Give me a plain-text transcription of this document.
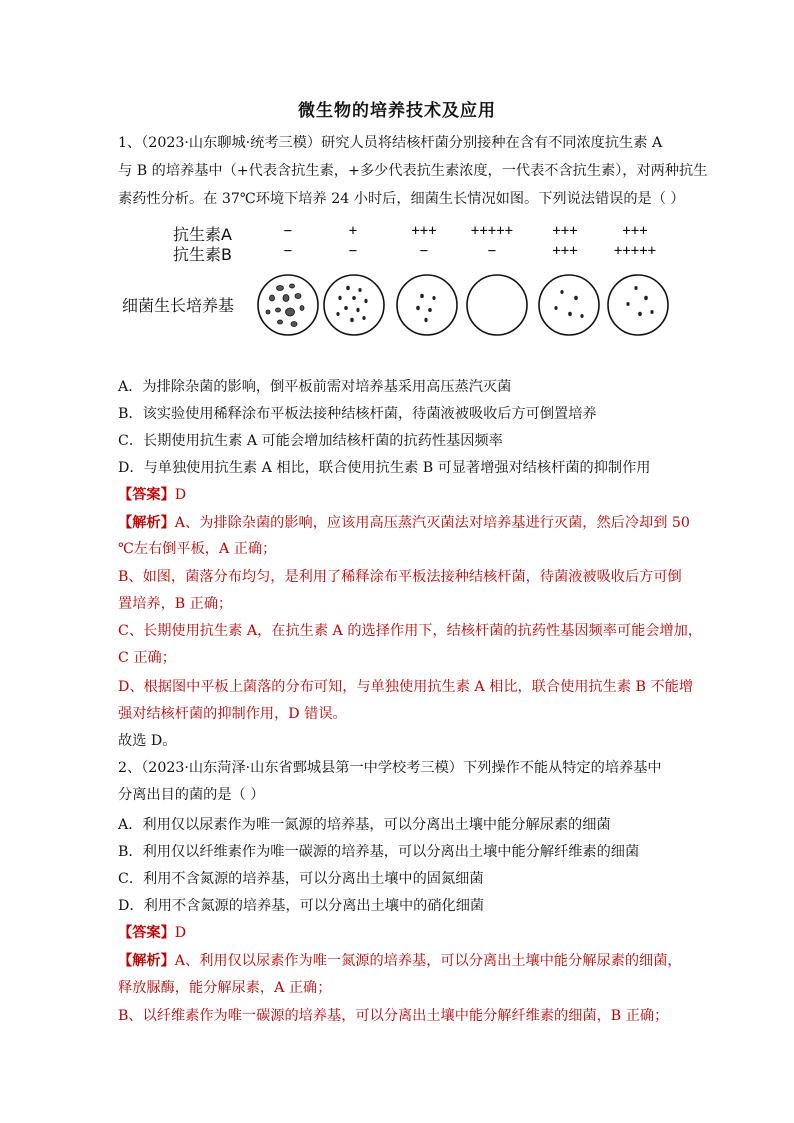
微生物的培养技术及应用
1、（2023·山东聊城·统考三模）研究人员将结核杆菌分别接种在含有不同浓度抗生素 A
与 B 的培养基中（+代表含抗生素，+多少代表抗生素浓度，一代表不含抗生素），对两种抗生
素药性分析。在 37℃环境下培养 24 小时后，细菌生长情况如图。下列说法错误的是（ ）
抗生素A
抗生素B
细菌生长培养基
−	+	+++	+++++	+++	+++
−	−	−	−	+++	+++++
A．为排除杂菌的影响，倒平板前需对培养基采用高压蒸汽灭菌
B．该实验使用稀释涂布平板法接种结核杆菌，待菌液被吸收后方可倒置培养
C．长期使用抗生素 A 可能会增加结核杆菌的抗药性基因频率
D．与单独使用抗生素 A 相比，联合使用抗生素 B 可显著增强对结核杆菌的抑制作用
【答案】D
【解析】A、为排除杂菌的影响，应该用高压蒸汽灭菌法对培养基进行灭菌，然后冷却到 50
℃左右倒平板，A 正确；
B、如图，菌落分布均匀，是利用了稀释涂布平板法接种结核杆菌，待菌液被吸收后方可倒
置培养，B 正确；
C、长期使用抗生素 A，在抗生素 A 的选择作用下，结核杆菌的抗药性基因频率可能会增加，
C 正确；
D、根据图中平板上菌落的分布可知，与单独使用抗生素 A 相比，联合使用抗生素 B 不能增
强对结核杆菌的抑制作用，D 错误。
故选 D。
2、（2023·山东菏泽·山东省鄄城县第一中学校考三模）下列操作不能从特定的培养基中
分离出目的菌的是（ ）
A．利用仅以尿素作为唯一氮源的培养基，可以分离出土壤中能分解尿素的细菌
B．利用仅以纤维素作为唯一碳源的培养基，可以分离出土壤中能分解纤维素的细菌
C．利用不含氮源的培养基，可以分离出土壤中的固氮细菌
D．利用不含氮源的培养基，可以分离出土壤中的硝化细菌
【答案】D
【解析】A、利用仅以尿素作为唯一氮源的培养基，可以分离出土壤中能分解尿素的细菌，
释放脲酶，能分解尿素，A 正确；
B、以纤维素作为唯一碳源的培养基，可以分离出土壤中能分解纤维素的细菌，B 正确；
